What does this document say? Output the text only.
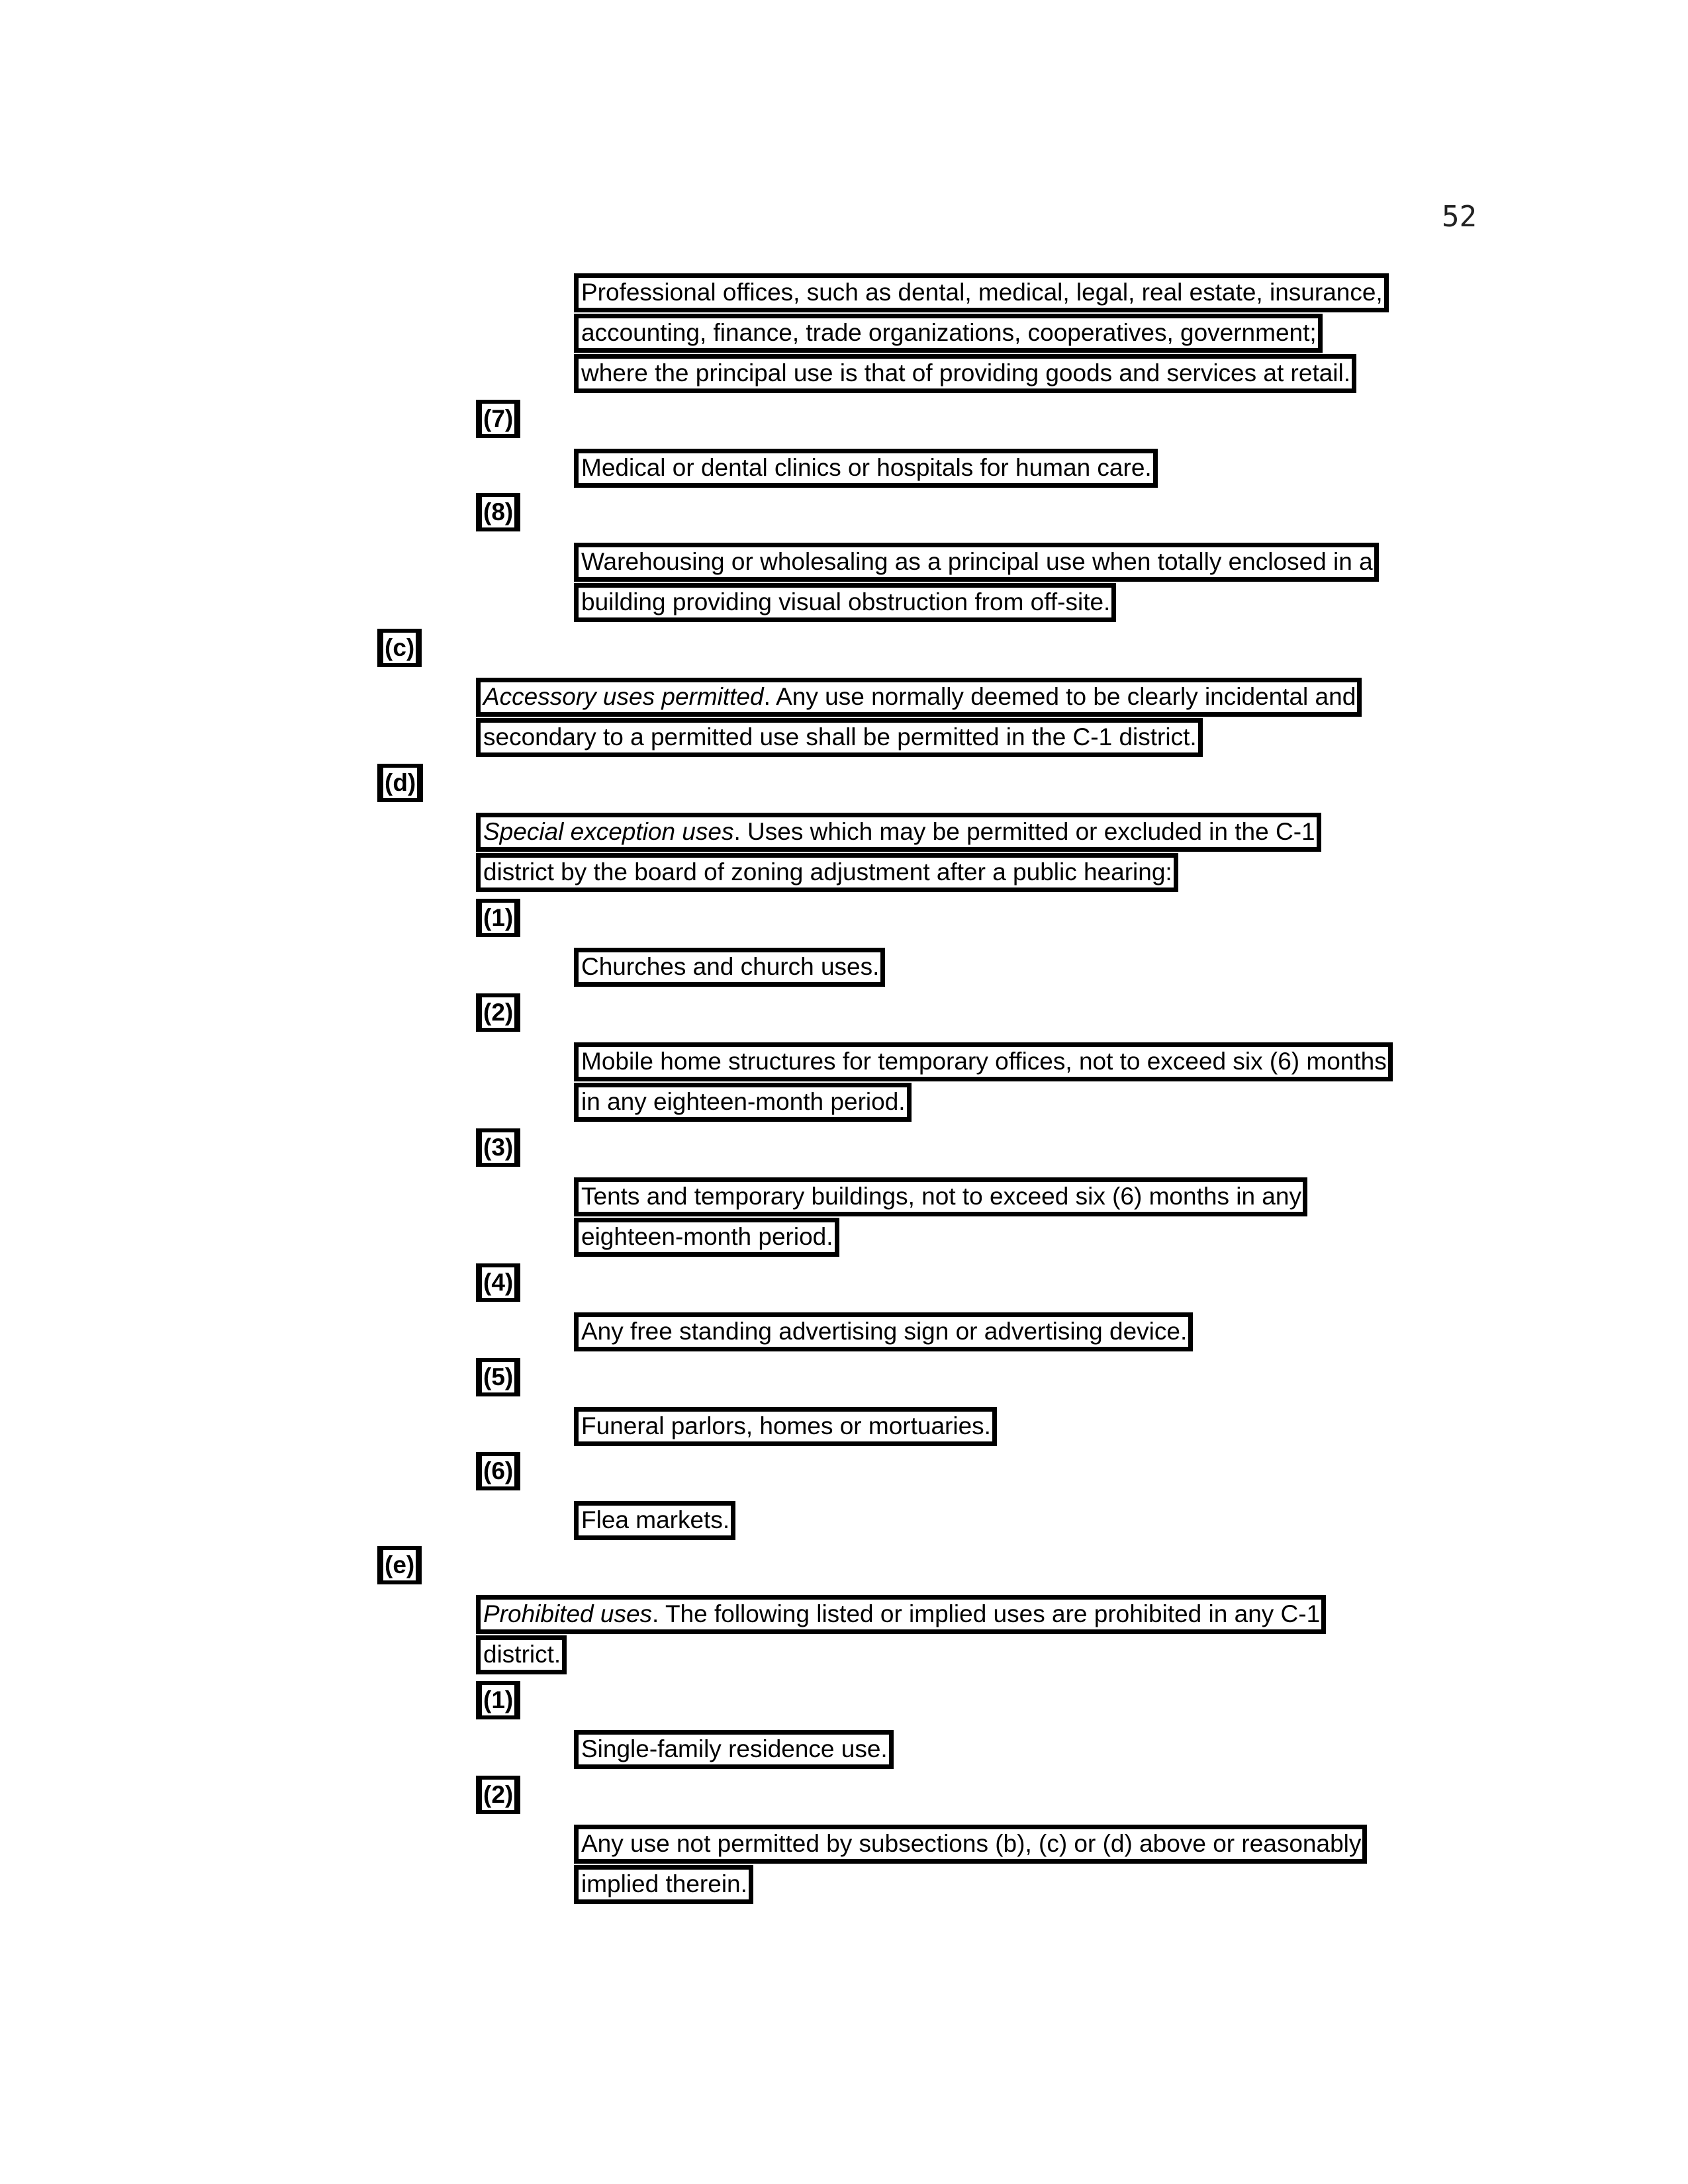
52
Professional offices, such as dental, medical, legal, real estate, insurance,
accounting, finance, trade organizations, cooperatives, government;
where the principal use is that of providing goods and services at retail.
(7)
Medical or dental clinics or hospitals for human care.
(8)
Warehousing or wholesaling as a principal use when totally enclosed in a
building providing visual obstruction from off-site.
(c)
Accessory uses permitted. Any use normally deemed to be clearly incidental and
secondary to a permitted use shall be permitted in the C-1 district.
(d)
Special exception uses. Uses which may be permitted or excluded in the C-1
district by the board of zoning adjustment after a public hearing:
(1)
Churches and church uses.
(2)
Mobile home structures for temporary offices, not to exceed six (6) months
in any eighteen-month period.
(3)
Tents and temporary buildings, not to exceed six (6) months in any
eighteen-month period.
(4)
Any free standing advertising sign or advertising device.
(5)
Funeral parlors, homes or mortuaries.
(6)
Flea markets.
(e)
Prohibited uses. The following listed or implied uses are prohibited in any C-1
district.
(1)
Single-family residence use.
(2)
Any use not permitted by subsections (b), (c) or (d) above or reasonably
implied therein.
